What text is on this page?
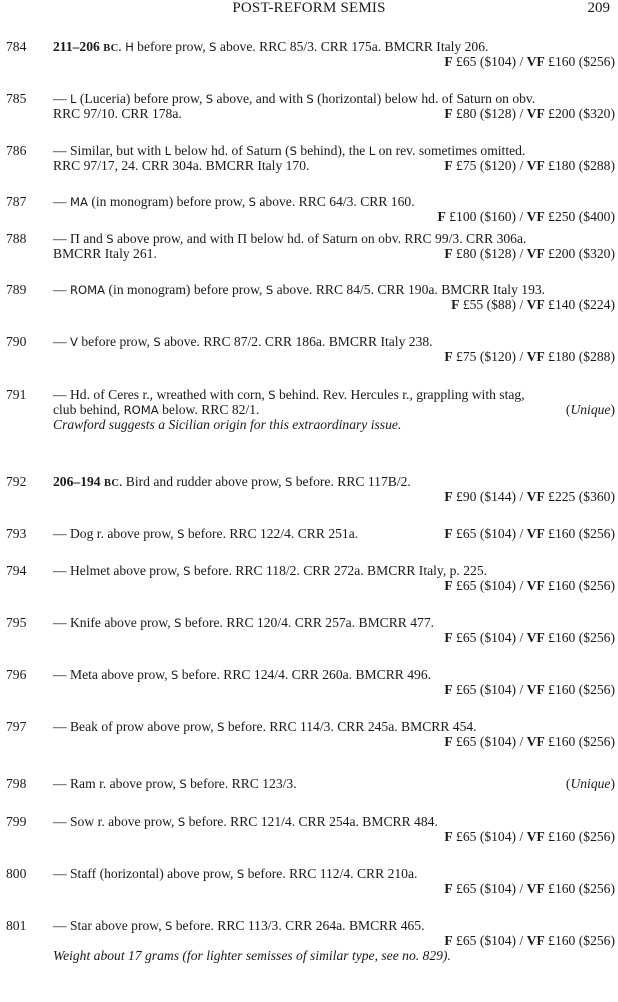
POST-REFORM SEMIS	209
784 211–206 BC. H before prow, S above. RRC 85/3. CRR 175a. BMCRR Italy 206.
F £65 ($104) / VF £160 ($256)
785 — L (Luceria) before prow, S above, and with S (horizontal) below hd. of Saturn on obv.
RRC 97/10. CRR 178a.	F £80 ($128) / VF £200 ($320)
786 — Similar, but with L below hd. of Saturn (S behind), the L on rev. sometimes omitted.
RRC 97/17, 24. CRR 304a. BMCRR Italy 170.	F £75 ($120) / VF £180 ($288)
787 — MA (in monogram) before prow, S above. RRC 64/3. CRR 160.
F £100 ($160) / VF £250 ($400)
788 — Π and S above prow, and with Π below hd. of Saturn on obv. RRC 99/3. CRR 306a.
BMCRR Italy 261.	F £80 ($128) / VF £200 ($320)
789 — ROMA (in monogram) before prow, S above. RRC 84/5. CRR 190a. BMCRR Italy 193.
F £55 ($88) / VF £140 ($224)
790 — V before prow, S above. RRC 87/2. CRR 186a. BMCRR Italy 238.
F £75 ($120) / VF £180 ($288)
791 — Hd. of Ceres r., wreathed with corn, S behind. Rev. Hercules r., grappling with stag,
club behind, ROMA below. RRC 82/1.	(Unique)
Crawford suggests a Sicilian origin for this extraordinary issue.
792 206–194 BC. Bird and rudder above prow, S before. RRC 117B/2.
F £90 ($144) / VF £225 ($360)
793 — Dog r. above prow, S before. RRC 122/4. CRR 251a.	F £65 ($104) / VF £160 ($256)
794 — Helmet above prow, S before. RRC 118/2. CRR 272a. BMCRR Italy, p. 225.
F £65 ($104) / VF £160 ($256)
795 — Knife above prow, S before. RRC 120/4. CRR 257a. BMCRR 477.
F £65 ($104) / VF £160 ($256)
796 — Meta above prow, S before. RRC 124/4. CRR 260a. BMCRR 496.
F £65 ($104) / VF £160 ($256)
797 — Beak of prow above prow, S before. RRC 114/3. CRR 245a. BMCRR 454.
F £65 ($104) / VF £160 ($256)
798 — Ram r. above prow, S before. RRC 123/3.	(Unique)
799 — Sow r. above prow, S before. RRC 121/4. CRR 254a. BMCRR 484.
F £65 ($104) / VF £160 ($256)
800 — Staff (horizontal) above prow, S before. RRC 112/4. CRR 210a.
F £65 ($104) / VF £160 ($256)
801 — Star above prow, S before. RRC 113/3. CRR 264a. BMCRR 465.
F £65 ($104) / VF £160 ($256)
Weight about 17 grams (for lighter semisses of similar type, see no. 829).
